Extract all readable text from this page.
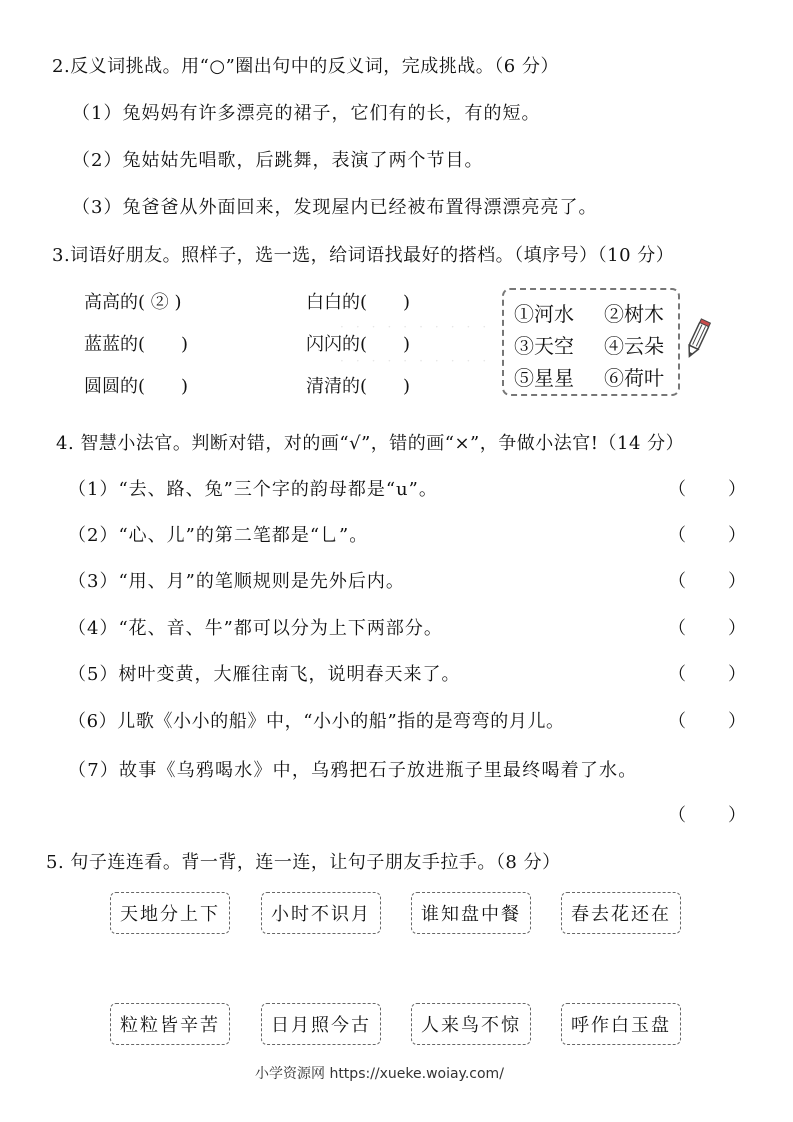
·　·　·　·　·　·　·　·　·　·
·　·　·　·　·　·　·　·　·　·
2.反义词挑战。用“○”圈出句中的反义词，完成挑战。（6 分）
（1）兔妈妈有许多漂亮的裙子，它们有的长，有的短。
（2）兔姑姑先唱歌，后跳舞，表演了两个节目。
（3）兔爸爸从外面回来，发现屋内已经被布置得漂漂亮亮了。
3.词语好朋友。照样子，选一选，给词语找最好的搭档。（填序号）（10 分）
高高的( ② )	白白的(　　)
蓝蓝的(　　)	闪闪的(　　)
圆圆的(　　)	清清的(　　)
①河水 ②树木
③天空 ④云朵
⑤星星 ⑥荷叶
4. 智慧小法官。判断对错，对的画“√”，错的画“×”，争做小法官!（14 分）
（1）“去、路、兔”三个字的韵母都是“u”。	（　　）
（2）“心、儿”的第二笔都是“乚”。	（　　）
（3）“用、月”的笔顺规则是先外后内。	（　　）
（4）“花、音、牛”都可以分为上下两部分。	（　　）
（5）树叶变黄，大雁往南飞，说明春天来了。	（　　）
（6）儿歌《小小的船》中，“小小的船”指的是弯弯的月儿。	（　　）
（7）故事《乌鸦喝水》中，乌鸦把石子放进瓶子里最终喝着了水。
（　　）
5. 句子连连看。背一背，连一连，让句子朋友手拉手。（8 分）
天地分上下	小时不识月	谁知盘中餐	春去花还在
粒粒皆辛苦	日月照今古	人来鸟不惊	呼作白玉盘
小学资源网 https://xueke.woiay.com/
